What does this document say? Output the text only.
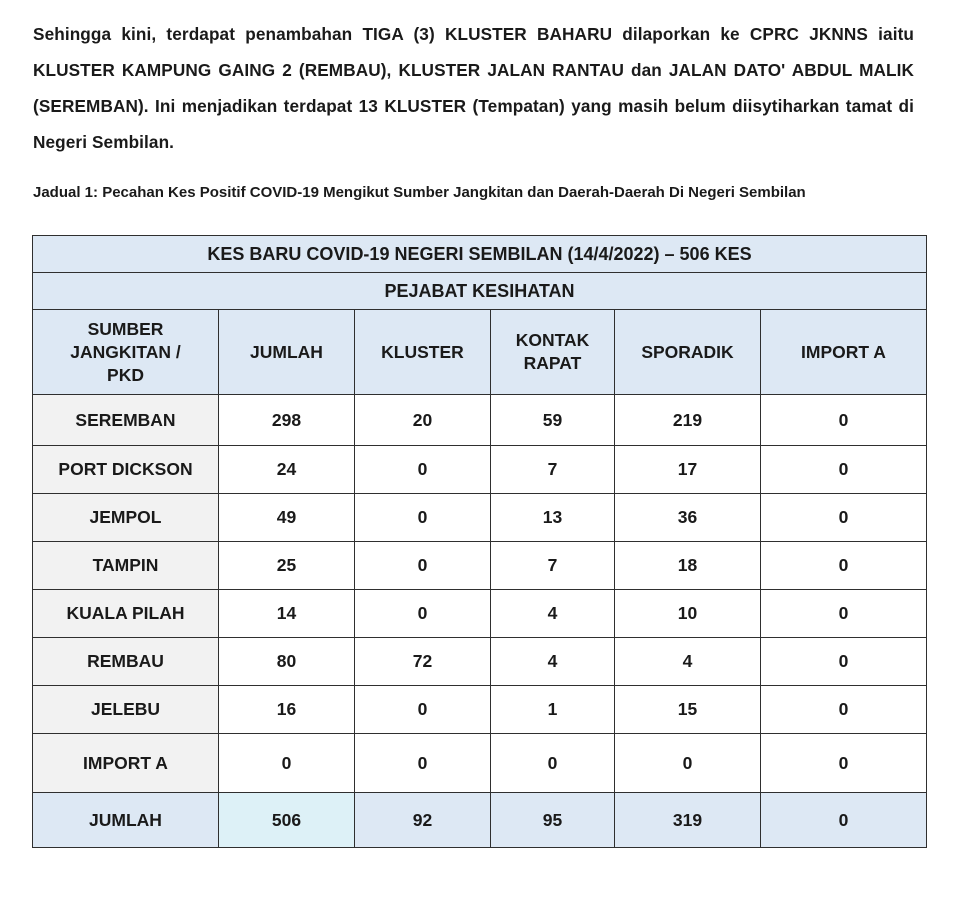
Sehingga kini, terdapat penambahan TIGA (3) KLUSTER BAHARU dilaporkan ke CPRC JKNNS iaitu KLUSTER KAMPUNG GAING 2 (REMBAU), KLUSTER JALAN RANTAU dan JALAN DATO' ABDUL MALIK (SEREMBAN). Ini menjadikan terdapat 13 KLUSTER (Tempatan) yang masih belum diisytiharkan tamat di Negeri Sembilan.
Jadual 1: Pecahan Kes Positif COVID-19 Mengikut Sumber Jangkitan dan Daerah-Daerah Di Negeri Sembilan
KES BARU COVID-19 NEGERI SEMBILAN (14/4/2022) – 506 KES					
PEJABAT KESIHATAN					

SUMBER JANGKITAN / PKD	JUMLAH	KLUSTER	KONTAK RAPAT	SPORADIK	IMPORT A
SEREMBAN	298	20	59	219	0
PORT DICKSON	24	0	7	17	0
JEMPOL	49	0	13	36	0
TAMPIN	25	0	7	18	0
KUALA PILAH	14	0	4	10	0
REMBAU	80	72	4	4	0
JELEBU	16	0	1	15	0
IMPORT A	0	0	0	0	0
JUMLAH	506	92	95	319	0
